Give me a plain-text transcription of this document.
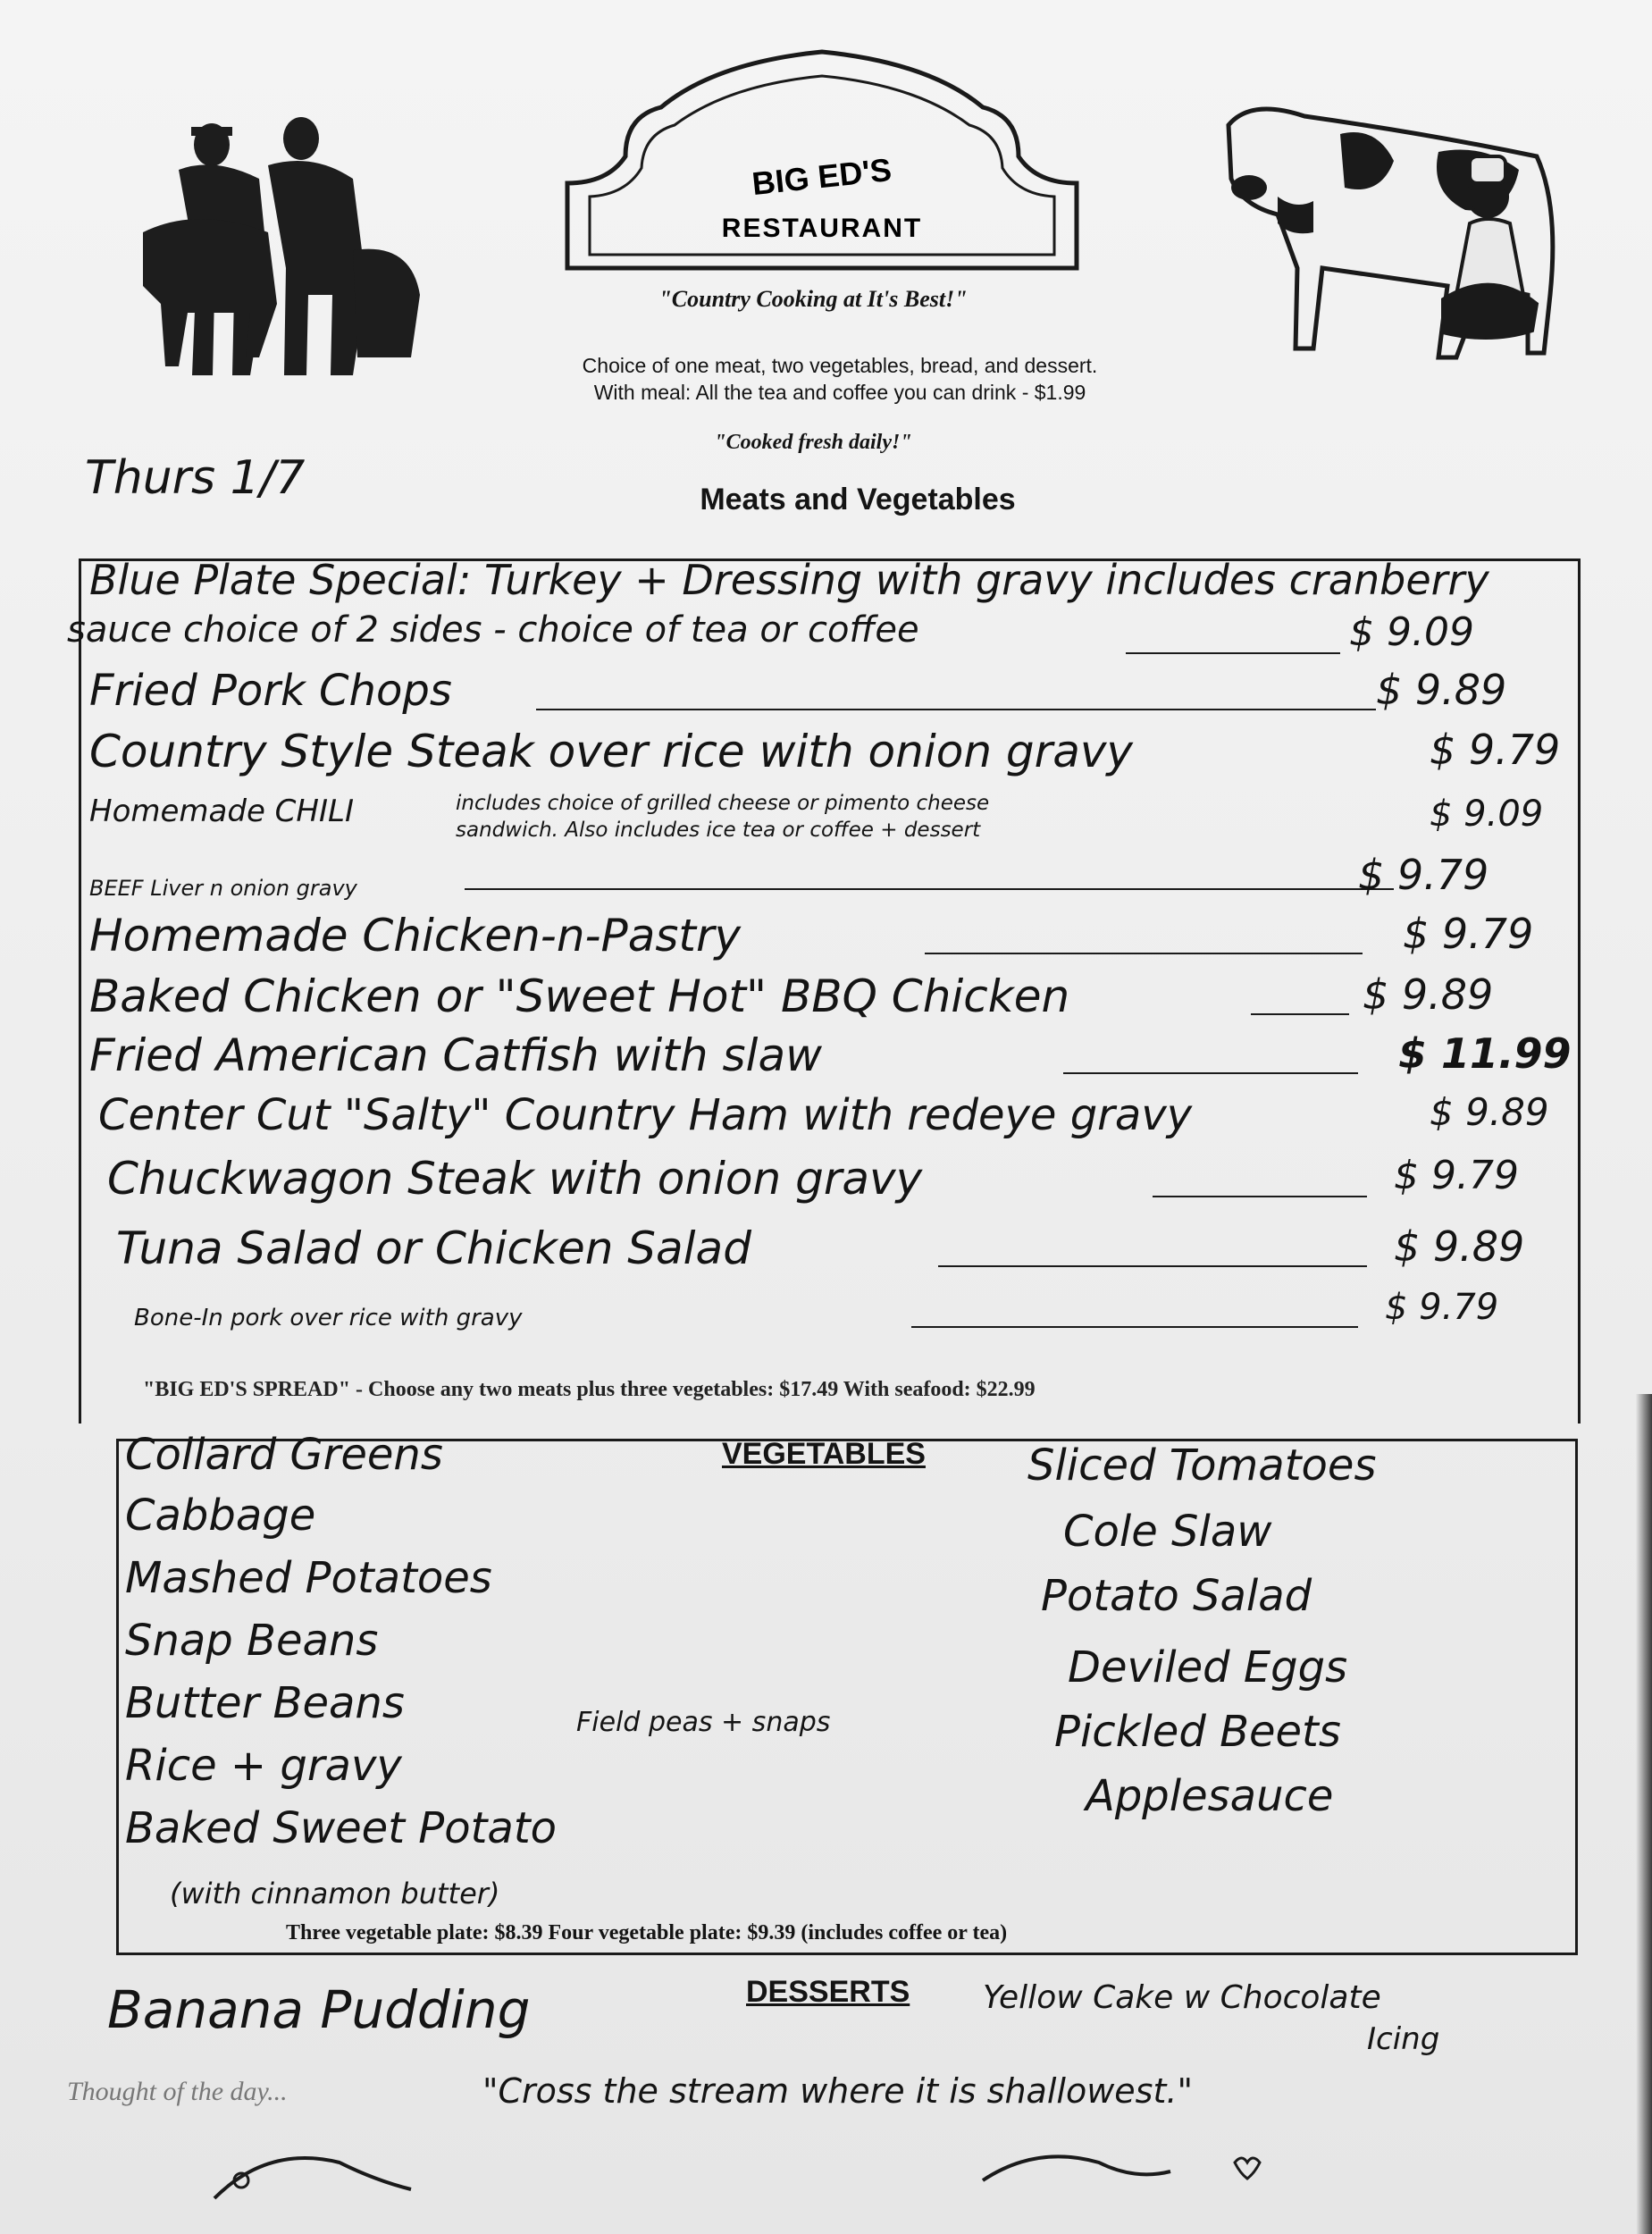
BIG ED'S
RESTAURANT
"Country Cooking at It's Best!"
Choice of one meat, two vegetables, bread, and dessert.
With meal: All the tea and coffee you can drink - $1.99
"Cooked fresh daily!"
Thurs 1/7	Meats and Vegetables
Blue Plate Special: Turkey + Dressing with gravy includes cranberry
sauce choice of 2 sides - choice of tea or coffee	$ 9.09
Fried Pork Chops	$ 9.89
Country Style Steak over rice with onion gravy	$ 9.79
Homemade CHILI	includes choice of grilled cheese or pimento cheese
sandwich. Also includes ice tea or coffee + dessert	$ 9.09
BEEF Liver n onion gravy	$ 9.79
Homemade Chicken-n-Pastry	$ 9.79
Baked Chicken or "Sweet Hot" BBQ Chicken	$ 9.89
Fried American Catfish with slaw	$ 11.99
Center Cut "Salty" Country Ham with redeye gravy	$ 9.89
Chuckwagon Steak with onion gravy	$ 9.79
Tuna Salad or Chicken Salad	$ 9.89
Bone-In pork over rice with gravy	$ 9.79
"BIG ED'S SPREAD" - Choose any two meats plus three vegetables: $17.49 With seafood: $22.99
VEGETABLES
Collard Greens
Cabbage
Mashed Potatoes
Snap Beans
Butter Beans
Rice + gravy
Baked Sweet Potato
(with cinnamon butter)
Field peas + snaps
Sliced Tomatoes
Cole Slaw
Potato Salad
Deviled Eggs
Pickled Beets
Applesauce
Three vegetable plate: $8.39 Four vegetable plate: $9.39 (includes coffee or tea)
Banana Pudding	DESSERTS Yellow Cake w Chocolate
Icing
Thought of the day...	"Cross the stream where it is shallowest."
